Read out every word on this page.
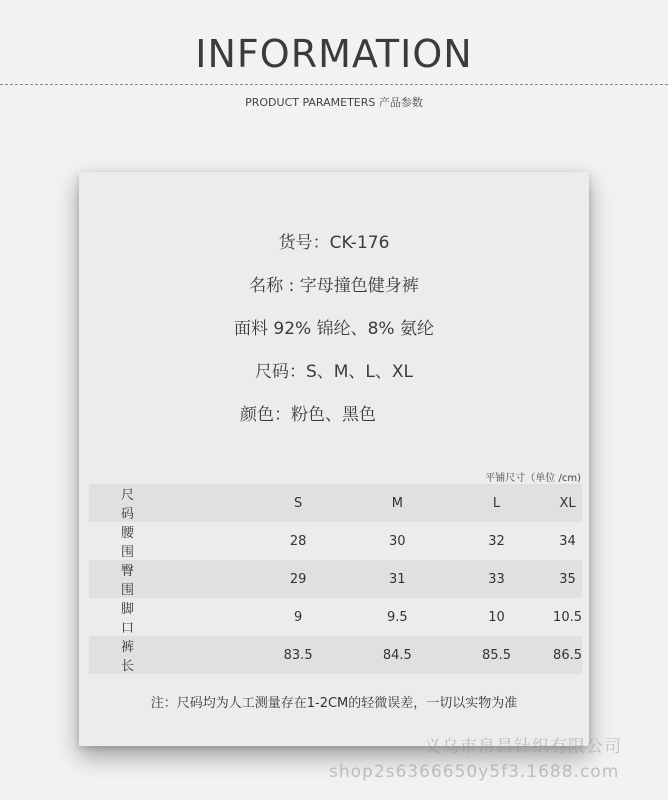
INFORMATION
PRODUCT PARAMETERS 产品参数
货号：CK-176
名称 : 字母撞色健身裤
面料 92% 锦纶、8% 氨纶
尺码：S、M、L、XL
颜色：粉色、黑色
平铺尺寸（单位 /cm)
尺码		S	M	L	XL
腰围		28	30	32	34
臀围		29	31	33	35
脚口		9	9.5	10	10.5
裤长		83.5	84.5	85.5	86.5
注：尺码均为人工测量存在1-2CM的轻微误差，一切以实物为准
义乌市帛昌针织有限公司
shop2s6366650y5f3.1688.com
